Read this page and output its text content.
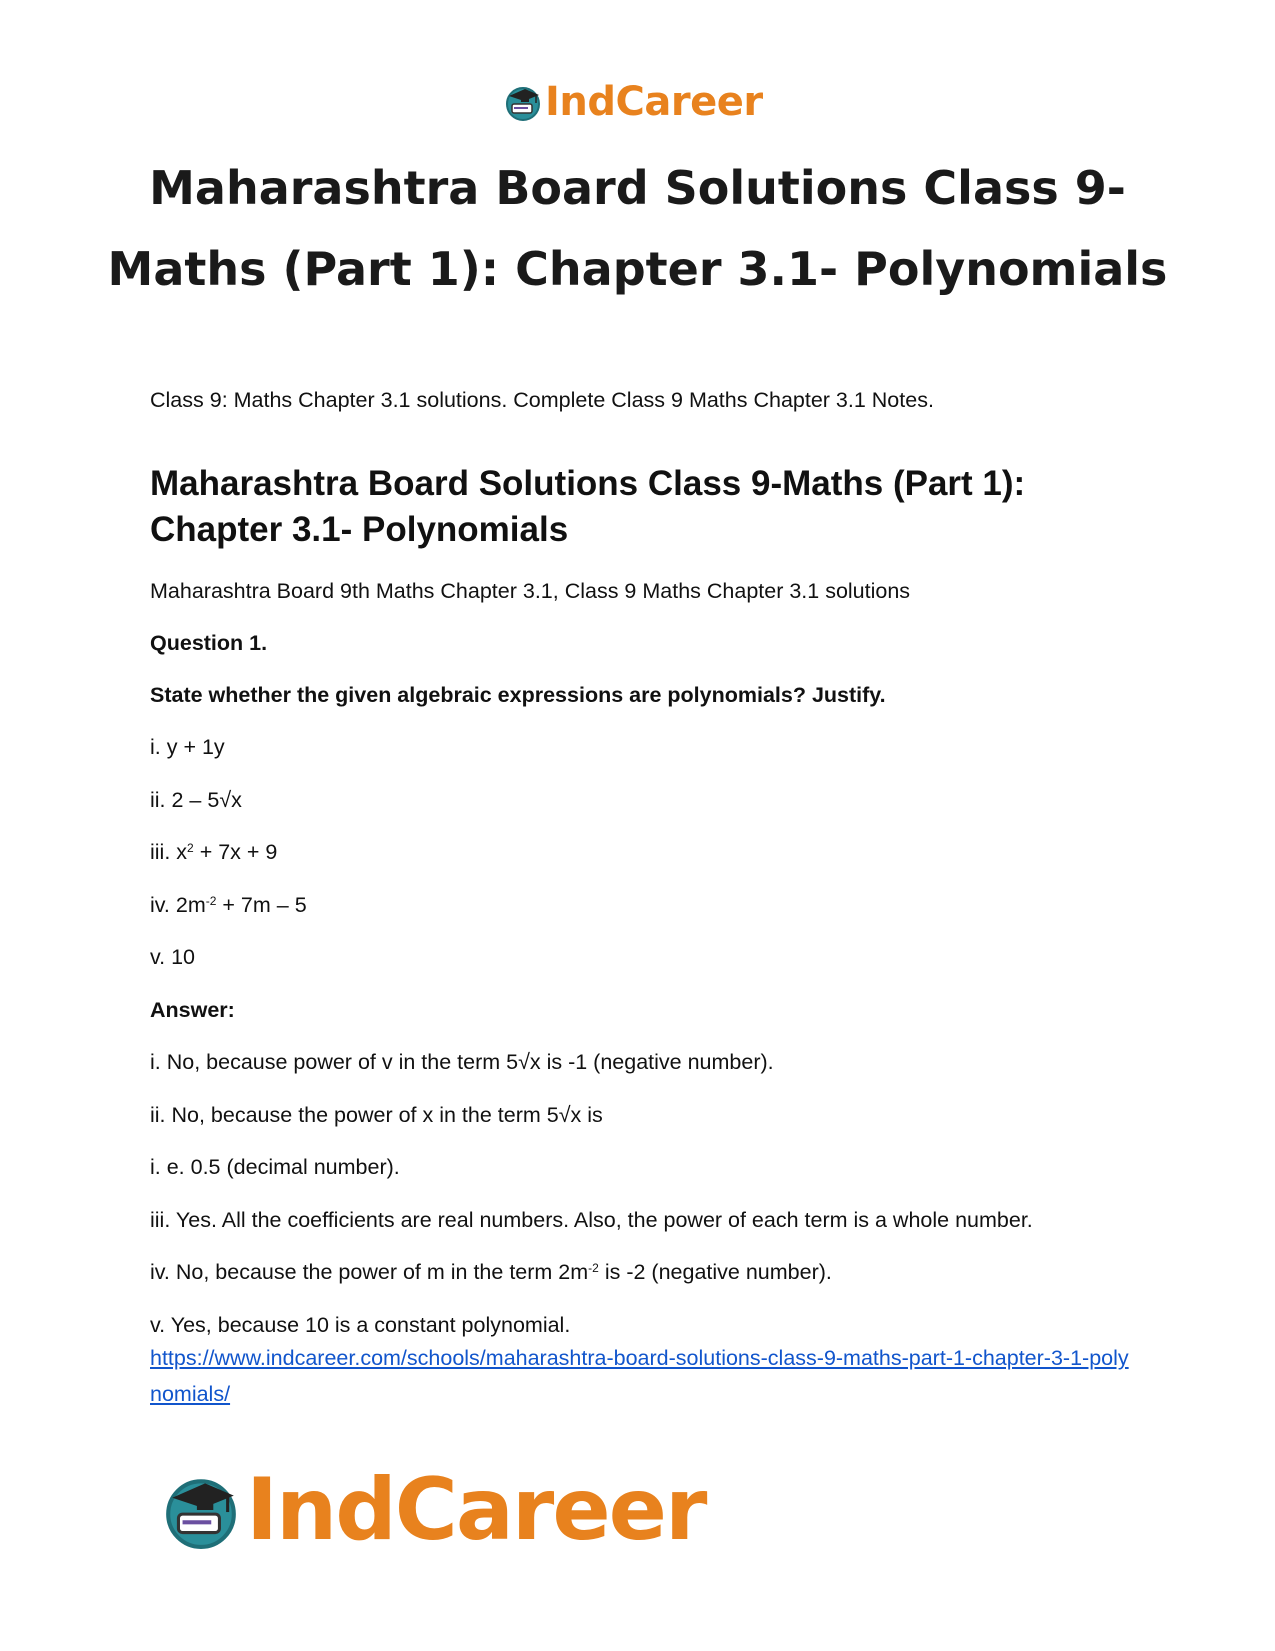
IndCareer
Maharashtra Board Solutions Class 9-Maths (Part 1): Chapter 3.1- Polynomials

Class 9: Maths Chapter 3.1 solutions. Complete Class 9 Maths Chapter 3.1 Notes.

Maharashtra Board Solutions Class 9-Maths (Part 1): Chapter 3.1- Polynomials

Maharashtra Board 9th Maths Chapter 3.1, Class 9 Maths Chapter 3.1 solutions

Question 1.

State whether the given algebraic expressions are polynomials? Justify.

i. y + 1y

ii. 2 – 5√x

iii. $x^2 + 7x + 9$

iv. $2m^{-2} + 7m - 5$

v. 10

Answer:

i. No, because power of v in the term 5√x is -1 (negative number).

ii. No, because the power of x in the term 5√x is

i. e. 0.5 (decimal number).

iii. Yes. All the coefficients are real numbers. Also, the power of each term is a whole number.

iv. No, because the power of m in the term $2m^{-2}$ is -2 (negative number).

v. Yes, because 10 is a constant polynomial.

https://www.indcareer.com/schools/maharashtra-board-solutions-class-9-maths-part-1-chapter-3-1-polynomials/
IndCareer
